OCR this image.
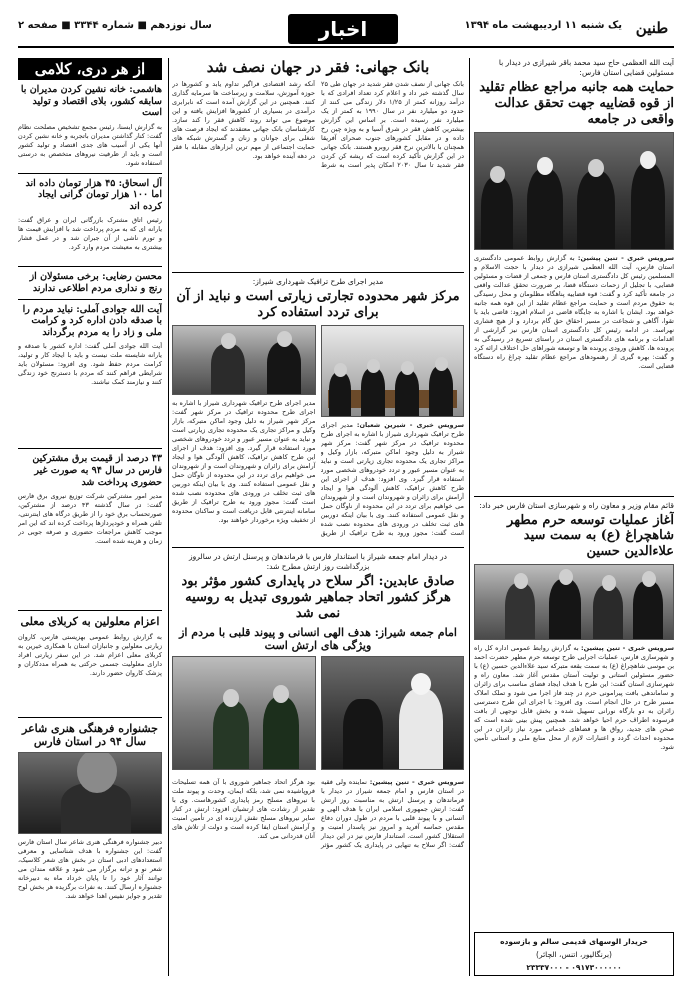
طنین
یک شنبه ۱۱ اردیبهشت ماه ۱۳۹۴
اخبار
سال نوزدهم ■ شماره ۳۳۴۴ ■ صفحه ۲
آیت الله العظمی حاج سید محمد باقر شیرازی در دیدار با مسئولین قضایی استان فارس:
حمایت همه جانبه مراجع عظام تقلید از قوه قضاییه جهت تحقق عدالت واقعی در جامعه
سرویس خبری - تنین پیشین: به گزارش روابط عمومی دادگستری استان فارس، آیت الله العظمی شیرازی در دیدار با حجت الاسلام و المسلمین رئیس کل دادگستری استان فارس و جمعی از قضات و مسئولین قضایی، با تجلیل از زحمات دستگاه قضا، بر ضرورت تحقق عدالت واقعی در جامعه تأکید کرد و گفت: قوه قضاییه پناهگاه مظلومان و محل رسیدگی به حقوق مردم است و حمایت مراجع عظام تقلید از این قوه همه جانبه خواهد بود. ایشان با اشاره به جایگاه قاضی در اسلام افزود: قاضی باید با تقوا، آگاهی و شجاعت در مسیر احقاق حق گام بردارد و از هیچ فشاری نهراسد. در ادامه رئیس کل دادگستری استان فارس نیز گزارشی از اقدامات و برنامه های دادگستری استان در راستای تسریع در رسیدگی به پرونده ها، کاهش ورودی پرونده ها و توسعه شوراهای حل اختلاف ارائه کرد و گفت: بهره گیری از رهنمودهای مراجع عظام تقلید چراغ راه دستگاه قضایی است.
قائم مقام وزیر و معاون راه و شهرسازی استان فارس خبر داد:
آغاز عملیات توسعه حرم مطهر شاهچراغ (ع) به سمت سید علاءالدین حسین
سرویس خبری - تنین پیشین: به گزارش روابط عمومی اداره کل راه و شهرسازی فارس، عملیات اجرایی طرح توسعه حرم مطهر حضرت احمد بن موسی شاهچراغ (ع) به سمت بقعه متبرکه سید علاءالدین حسین (ع) با حضور مسئولین استانی و تولیت آستان مقدس آغاز شد. معاون راه و شهرسازی استان گفت: این طرح با هدف ایجاد فضای مناسب برای زائران و ساماندهی بافت پیرامونی حرم در چند فاز اجرا می شود و تملک املاک مسیر طرح در حال انجام است. وی افزود: با اجرای این طرح دسترسی زائران به دو بارگاه نورانی تسهیل شده و بخش قابل توجهی از بافت فرسوده اطراف حرم احیا خواهد شد. همچنین پیش بینی شده است که صحن های جدید، رواق ها و فضاهای خدماتی مورد نیاز زائران در این محدوده احداث گردد و اعتبارات لازم از محل منابع ملی و استانی تأمین شود.
خریدار الوسهای قدیمی سالم و بازسوده
(برنگالیور، اتنس، الچائر)
۰۹۱۷۳۰۰۰۰۰۰ - ۲۳۳۳۷۰۰۰
بانک جهانی: فقر در جهان نصف شد
بانک جهانی از نصف شدن فقر شدید در جهان طی ۲۵ سال گذشته خبر داد و اعلام کرد تعداد افرادی که با درآمد روزانه کمتر از ۱/۲۵ دلار زندگی می کنند از حدود دو میلیارد نفر در سال ۱۹۹۰ به کمتر از یک میلیارد نفر رسیده است. بر اساس این گزارش بیشترین کاهش فقر در شرق آسیا و به ویژه چین رخ داده و در مقابل کشورهای جنوب صحرای آفریقا همچنان با بالاترین نرخ فقر روبرو هستند. بانک جهانی در این گزارش تأکید کرده است که ریشه کن کردن فقر شدید تا سال ۲۰۳۰ امکان پذیر است به شرط آنکه رشد اقتصادی فراگیر تداوم یابد و کشورها در حوزه آموزش، سلامت و زیرساخت ها سرمایه گذاری کنند. همچنین در این گزارش آمده است که نابرابری درآمدی در بسیاری از کشورها افزایش یافته و این موضوع می تواند روند کاهش فقر را کند سازد. کارشناسان بانک جهانی معتقدند که ایجاد فرصت های شغلی برای جوانان و زنان و گسترش شبکه های حمایت اجتماعی از مهم ترین ابزارهای مقابله با فقر در دهه آینده خواهد بود.
مدیر اجرای طرح ترافیک شهرداری شیراز:
مرکز شهر محدوده تجارتی زیارتی است و نباید از آن برای تردد استفاده کرد
سرویس خبری - شیرین شعبان: مدیر اجرای طرح ترافیک شهرداری شیراز با اشاره به اجرای طرح محدوده ترافیک در مرکز شهر گفت: مرکز شهر شیراز به دلیل وجود اماکن متبرکه، بازار وکیل و مراکز تجاری یک محدوده تجاری زیارتی است و نباید به عنوان مسیر عبور و تردد خودروهای شخصی مورد استفاده قرار گیرد. وی افزود: هدف از اجرای این طرح کاهش ترافیک، کاهش آلودگی هوا و ایجاد آرامش برای زائران و شهروندان است و از شهروندان می خواهیم برای تردد در این محدوده از ناوگان حمل و نقل عمومی استفاده کنند. وی با بیان اینکه دوربین های ثبت تخلف در ورودی های محدوده نصب شده است گفت: مجوز ورود به طرح ترافیک از طریق
مدیر اجرای طرح ترافیک شهرداری شیراز با اشاره به اجرای طرح محدوده ترافیک در مرکز شهر گفت: مرکز شهر شیراز به دلیل وجود اماکن متبرکه، بازار وکیل و مراکز تجاری یک محدوده تجاری زیارتی است و نباید به عنوان مسیر عبور و تردد خودروهای شخصی مورد استفاده قرار گیرد. وی افزود: هدف از اجرای این طرح کاهش ترافیک، کاهش آلودگی هوا و ایجاد آرامش برای زائران و شهروندان است و از شهروندان می خواهیم برای تردد در این محدوده از ناوگان حمل و نقل عمومی استفاده کنند. وی با بیان اینکه دوربین های ثبت تخلف در ورودی های محدوده نصب شده است گفت: مجوز ورود به طرح ترافیک از طریق سامانه اینترنتی قابل دریافت است و ساکنان محدوده از تخفیف ویژه برخوردار خواهند بود.
در دیدار امام جمعه شیراز با استاندار فارس با فرماندهان و پرسنل ارتش در سالروز بزرگداشت روز ارتش مطرح شد:
صادق عابدین: اگر سلاح در پایداری کشور مؤثر بود هرگز کشور اتحاد جماهیر شوروی تبدیل به روسیه نمی شد
امام جمعه شیراز: هدف الهی انسانی و پیوند قلبی با مردم از ویژگی های ارتش است
سرویس خبری - تنین پیشین: نماینده ولی فقیه در استان فارس و امام جمعه شیراز در دیدار با فرماندهان و پرسنل ارتش به مناسبت روز ارتش گفت: ارتش جمهوری اسلامی ایران با هدف الهی و انسانی و با پیوند قلبی با مردم در طول دوران دفاع مقدس حماسه آفرید و امروز نیز پاسدار امنیت و استقلال کشور است. استاندار فارس نیز در این دیدار گفت: اگر سلاح به تنهایی در پایداری یک کشور مؤثر بود هرگز اتحاد جماهیر شوروی با آن همه تسلیحات فروپاشیده نمی شد، بلکه ایمان، وحدت و پیوند ملت با نیروهای مسلح رمز پایداری کشورهاست. وی با تقدیر از رشادت های ارتشیان افزود: ارتش در کنار سایر نیروهای مسلح نقش ارزنده ای در تأمین امنیت و آرامش استان ایفا کرده است و دولت از تلاش های آنان قدردانی می کند.
از هر دری، کلامی
هاشمی: خانه نشین کردن مدیران با سابقه کشور، بلای اقتصاد و تولید است
به گزارش ایسنا، رئیس مجمع تشخیص مصلحت نظام گفت: کنار گذاشتن مدیران باتجربه و خانه نشین کردن آنها یکی از آسیب های جدی اقتصاد و تولید کشور است و باید از ظرفیت نیروهای متخصص به درستی استفاده شود.
آل اسحاق: ۴۵ هزار تومان داده اند اما ۱۰۰ هزار تومان گرانی ایجاد کرده اند
رئیس اتاق مشترک بازرگانی ایران و عراق گفت: یارانه ای که به مردم پرداخت شد با افزایش قیمت ها و تورم ناشی از آن جبران شد و در عمل فشار بیشتری به معیشت مردم وارد کرد.
محسن رضایی: برخی مسئولان از رنج و نداری مردم اطلاعی ندارند
آیت الله جوادی آملی: نباید مردم را با صدقه دادن اداره کرد و کرامت ملی و زاد را به مردم برگرداند
آیت الله جوادی آملی گفت: اداره کشور با صدقه و یارانه شایسته ملت نیست و باید با ایجاد کار و تولید، کرامت مردم حفظ شود. وی افزود: مسئولان باید شرایطی فراهم کنند که مردم با دسترنج خود زندگی کنند و نیازمند کمک نباشند.
۴۳ درصد از قیمت برق مشترکین فارس در سال ۹۴ به صورت غیر حضوری پرداخت شد
مدیر امور مشترکین شرکت توزیع نیروی برق فارس گفت: در سال گذشته ۴۳ درصد از مشترکین، صورتحساب برق خود را از طریق درگاه های اینترنتی، تلفن همراه و خودپردازها پرداخت کرده اند که این امر موجب کاهش مراجعات حضوری و صرفه جویی در زمان و هزینه شده است.
اعزام معلولین به کربلای معلی
به گزارش روابط عمومی بهزیستی فارس، کاروان زیارتی معلولین و جانبازان استان با همکاری خیرین به کربلای معلی اعزام شد. در این سفر زیارتی افراد دارای معلولیت جسمی حرکتی به همراه مددکاران و پزشک کاروان حضور دارند.
جشنواره فرهنگی هنری شاعر سال ۹۴ در استان فارس
دبیر جشنواره فرهنگی هنری شاعر سال استان فارس گفت: این جشنواره با هدف شناسایی و معرفی استعدادهای ادبی استان در بخش های شعر کلاسیک، شعر نو و ترانه برگزار می شود و علاقه مندان می توانند آثار خود را تا پایان خرداد ماه به دبیرخانه جشنواره ارسال کنند. به نفرات برگزیده هر بخش لوح تقدیر و جوایز نفیس اهدا خواهد شد.
